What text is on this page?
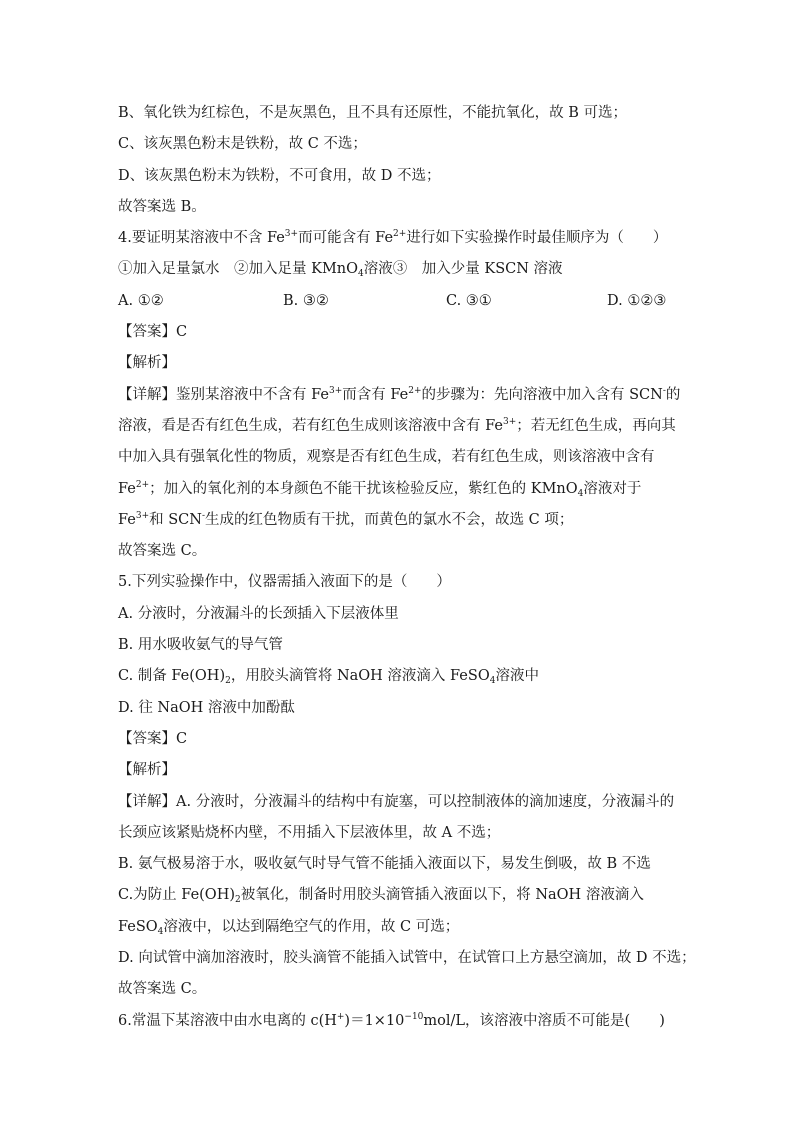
B、氧化铁为红棕色，不是灰黑色，且不具有还原性，不能抗氧化，故 B 可选；
C、该灰黑色粉末是铁粉，故 C 不选；
D、该灰黑色粉末为铁粉，不可食用，故 D 不选；
故答案选 B。
4.要证明某溶液中不含 $Fe^{3+}$而可能含有 $Fe^{2+}$进行如下实验操作时最佳顺序为（　　）
①加入足量氯水　②加入足量 KMnO$_4$溶液③　加入少量 KSCN 溶液
A. ①②	B. ③②	C. ③①	D. ①②③
【答案】C
【解析】
【详解】鉴别某溶液中不含有 $Fe^{3+}$而含有 $Fe^{2+}$的步骤为：先向溶液中加入含有 SCN-的溶液，看是否有红色生成，若有红色生成则该溶液中含有 $Fe^{3+}$；若无红色生成，再向其中加入具有强氧化性的物质，观察是否有红色生成，若有红色生成，则该溶液中含有 $Fe^{2+}$；加入的氧化剂的本身颜色不能干扰该检验反应，紫红色的 KMnO$_4$溶液对于 $Fe^{3+}$和 SCN-生成的红色物质有干扰，而黄色的氯水不会，故选 C 项；
故答案选 C。
5.下列实验操作中，仪器需插入液面下的是（　　）
A. 分液时，分液漏斗的长颈插入下层液体里
B. 用水吸收氨气的导气管
C. 制备 $Fe(OH)_2$，用胶头滴管将 NaOH 溶液滴入 FeSO$_4$溶液中
D. 往 NaOH 溶液中加酚酞
【答案】C
【解析】
【详解】A. 分液时，分液漏斗的结构中有旋塞，可以控制液体的滴加速度，分液漏斗的长颈应该紧贴烧杯内壁，不用插入下层液体里，故 A 不选；
B. 氨气极易溶于水，吸收氨气时导气管不能插入液面以下，易发生倒吸，故 B 不选
C.为防止 $Fe(OH)_2$被氧化，制备时用胶头滴管插入液面以下，将 NaOH 溶液滴入 FeSO$_4$溶液中，以达到隔绝空气的作用，故 C 可选；
D. 向试管中滴加溶液时，胶头滴管不能插入试管中，在试管口上方悬空滴加，故 D 不选；
故答案选 C。
6.常温下某溶液中由水电离的 $c(H^+)=1\times 10^{-10}mol/L$，该溶液中溶质不可能是(　　)
